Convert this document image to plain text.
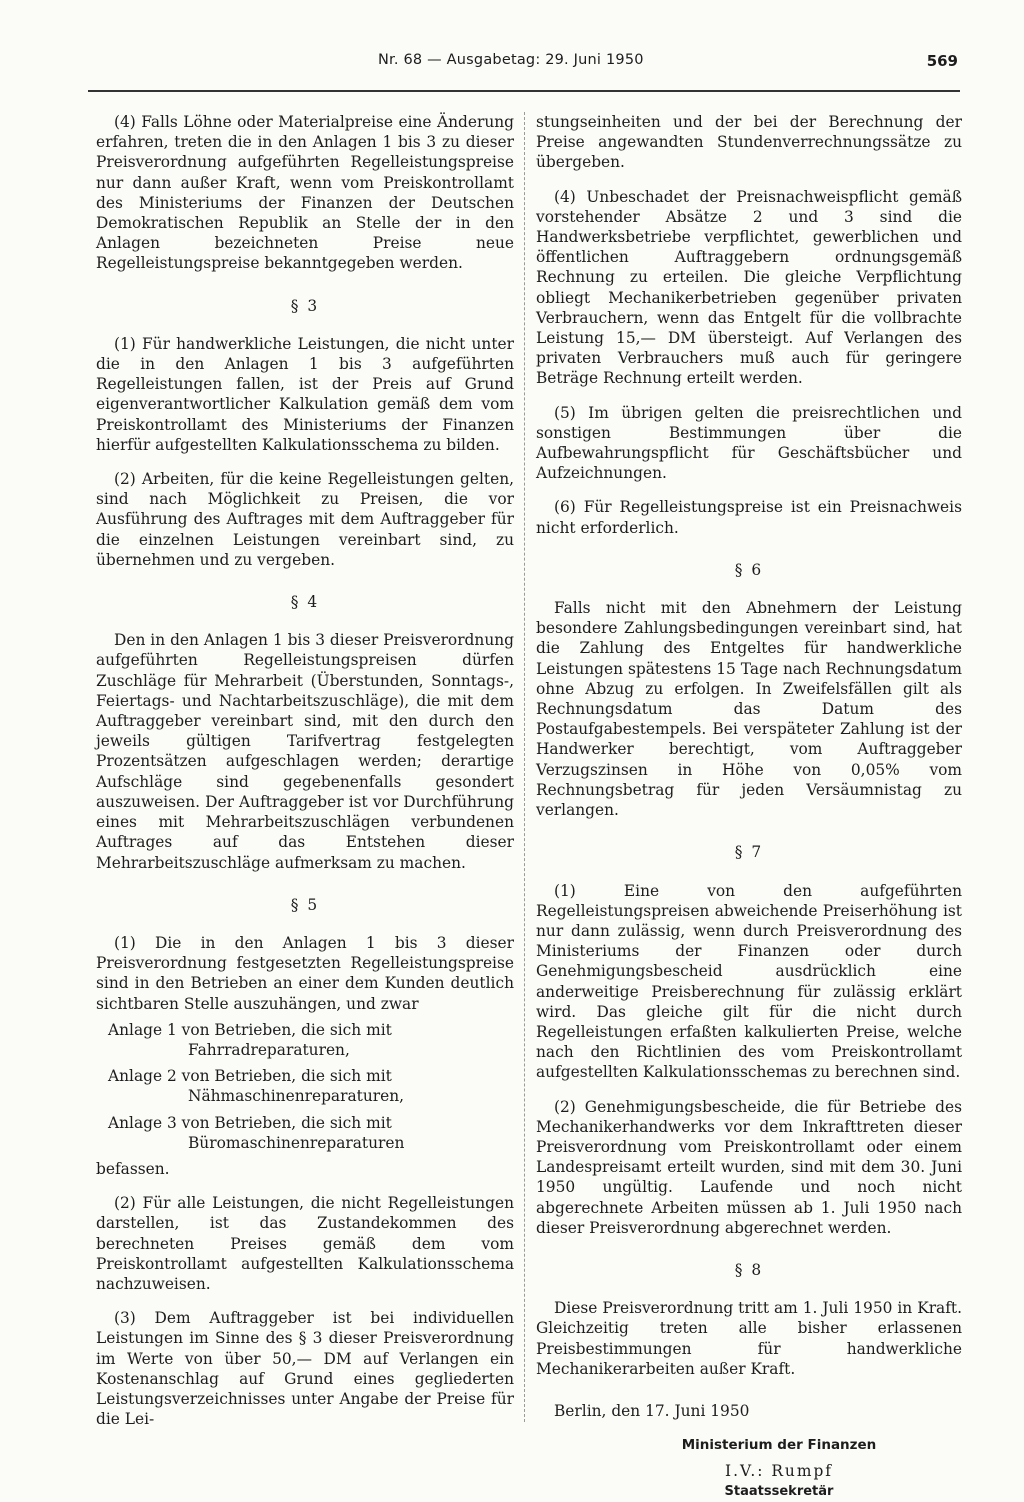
Nr. 68 — Ausgabetag: 29. Juni 1950	569

(4) Falls Löhne oder Materialpreise eine Änderung erfahren, treten die in den Anlagen 1 bis 3 zu dieser Preisverordnung aufgeführten Regelleistungspreise nur dann außer Kraft, wenn vom Preiskontrollamt des Ministeriums der Finanzen der Deutschen Demokratischen Republik an Stelle der in den Anlagen bezeichneten Preise neue Regelleistungspreise bekanntgegeben werden.

§ 3

(1) Für handwerkliche Leistungen, die nicht unter die in den Anlagen 1 bis 3 aufgeführten Regelleistungen fallen, ist der Preis auf Grund eigenverantwortlicher Kalkulation gemäß dem vom Preiskontrollamt des Ministeriums der Finanzen hierfür aufgestellten Kalkulationsschema zu bilden.

(2) Arbeiten, für die keine Regelleistungen gelten, sind nach Möglichkeit zu Preisen, die vor Ausführung des Auftrages mit dem Auftraggeber für die einzelnen Leistungen vereinbart sind, zu übernehmen und zu vergeben.

§ 4

Den in den Anlagen 1 bis 3 dieser Preisverordnung aufgeführten Regelleistungspreisen dürfen Zuschläge für Mehrarbeit (Überstunden, Sonntags-, Feiertags- und Nachtarbeitszuschläge), die mit dem Auftraggeber vereinbart sind, mit den durch den jeweils gültigen Tarifvertrag festgelegten Prozentsätzen aufgeschlagen werden; derartige Aufschläge sind gegebenenfalls gesondert auszuweisen. Der Auftraggeber ist vor Durchführung eines mit Mehrarbeitszuschlägen verbundenen Auftrages auf das Entstehen dieser Mehrarbeitszuschläge aufmerksam zu machen.

§ 5

(1) Die in den Anlagen 1 bis 3 dieser Preisverordnung festgesetzten Regelleistungspreise sind in den Betrieben an einer dem Kunden deutlich sichtbaren Stelle auszuhängen, und zwar

Anlage 1 von Betrieben, die sich mit Fahrradreparaturen,

Anlage 2 von Betrieben, die sich mit Nähmaschinenreparaturen,

Anlage 3 von Betrieben, die sich mit Büromaschinenreparaturen

befassen.

(2) Für alle Leistungen, die nicht Regelleistungen darstellen, ist das Zustandekommen des berechneten Preises gemäß dem vom Preiskontrollamt aufgestellten Kalkulationsschema nachzuweisen.

(3) Dem Auftraggeber ist bei individuellen Leistungen im Sinne des § 3 dieser Preisverordnung im Werte von über 50,— DM auf Verlangen ein Kostenanschlag auf Grund eines gegliederten Leistungsverzeichnisses unter Angabe der Preise für die Lei-

stungseinheiten und der bei der Berechnung der Preise angewandten Stundenverrechnungssätze zu übergeben.

(4) Unbeschadet der Preisnachweispflicht gemäß vorstehender Absätze 2 und 3 sind die Handwerksbetriebe verpflichtet, gewerblichen und öffentlichen Auftraggebern ordnungsgemäß Rechnung zu erteilen. Die gleiche Verpflichtung obliegt Mechanikerbetrieben gegenüber privaten Verbrauchern, wenn das Entgelt für die vollbrachte Leistung 15,— DM übersteigt. Auf Verlangen des privaten Verbrauchers muß auch für geringere Beträge Rechnung erteilt werden.

(5) Im übrigen gelten die preisrechtlichen und sonstigen Bestimmungen über die Aufbewahrungspflicht für Geschäftsbücher und Aufzeichnungen.

(6) Für Regelleistungspreise ist ein Preisnachweis nicht erforderlich.

§ 6

Falls nicht mit den Abnehmern der Leistung besondere Zahlungsbedingungen vereinbart sind, hat die Zahlung des Entgeltes für handwerkliche Leistungen spätestens 15 Tage nach Rechnungsdatum ohne Abzug zu erfolgen. In Zweifelsfällen gilt als Rechnungsdatum das Datum des Postaufgabestempels. Bei verspäteter Zahlung ist der Handwerker berechtigt, vom Auftraggeber Verzugszinsen in Höhe von 0,05% vom Rechnungsbetrag für jeden Versäumnistag zu verlangen.

§ 7

(1) Eine von den aufgeführten Regelleistungspreisen abweichende Preiserhöhung ist nur dann zulässig, wenn durch Preisverordnung des Ministeriums der Finanzen oder durch Genehmigungsbescheid ausdrücklich eine anderweitige Preisberechnung für zulässig erklärt wird. Das gleiche gilt für die nicht durch Regelleistungen erfaßten kalkulierten Preise, welche nach den Richtlinien des vom Preiskontrollamt aufgestellten Kalkulationsschemas zu berechnen sind.

(2) Genehmigungsbescheide, die für Betriebe des Mechanikerhandwerks vor dem Inkrafttreten dieser Preisverordnung vom Preiskontrollamt oder einem Landespreisamt erteilt wurden, sind mit dem 30. Juni 1950 ungültig. Laufende und noch nicht abgerechnete Arbeiten müssen ab 1. Juli 1950 nach dieser Preisverordnung abgerechnet werden.

§ 8

Diese Preisverordnung tritt am 1. Juli 1950 in Kraft. Gleichzeitig treten alle bisher erlassenen Preisbestimmungen für handwerkliche Mechanikerarbeiten außer Kraft.

Berlin, den 17. Juni 1950

Ministerium der Finanzen

I.V.: Rumpf

Staatssekretär
